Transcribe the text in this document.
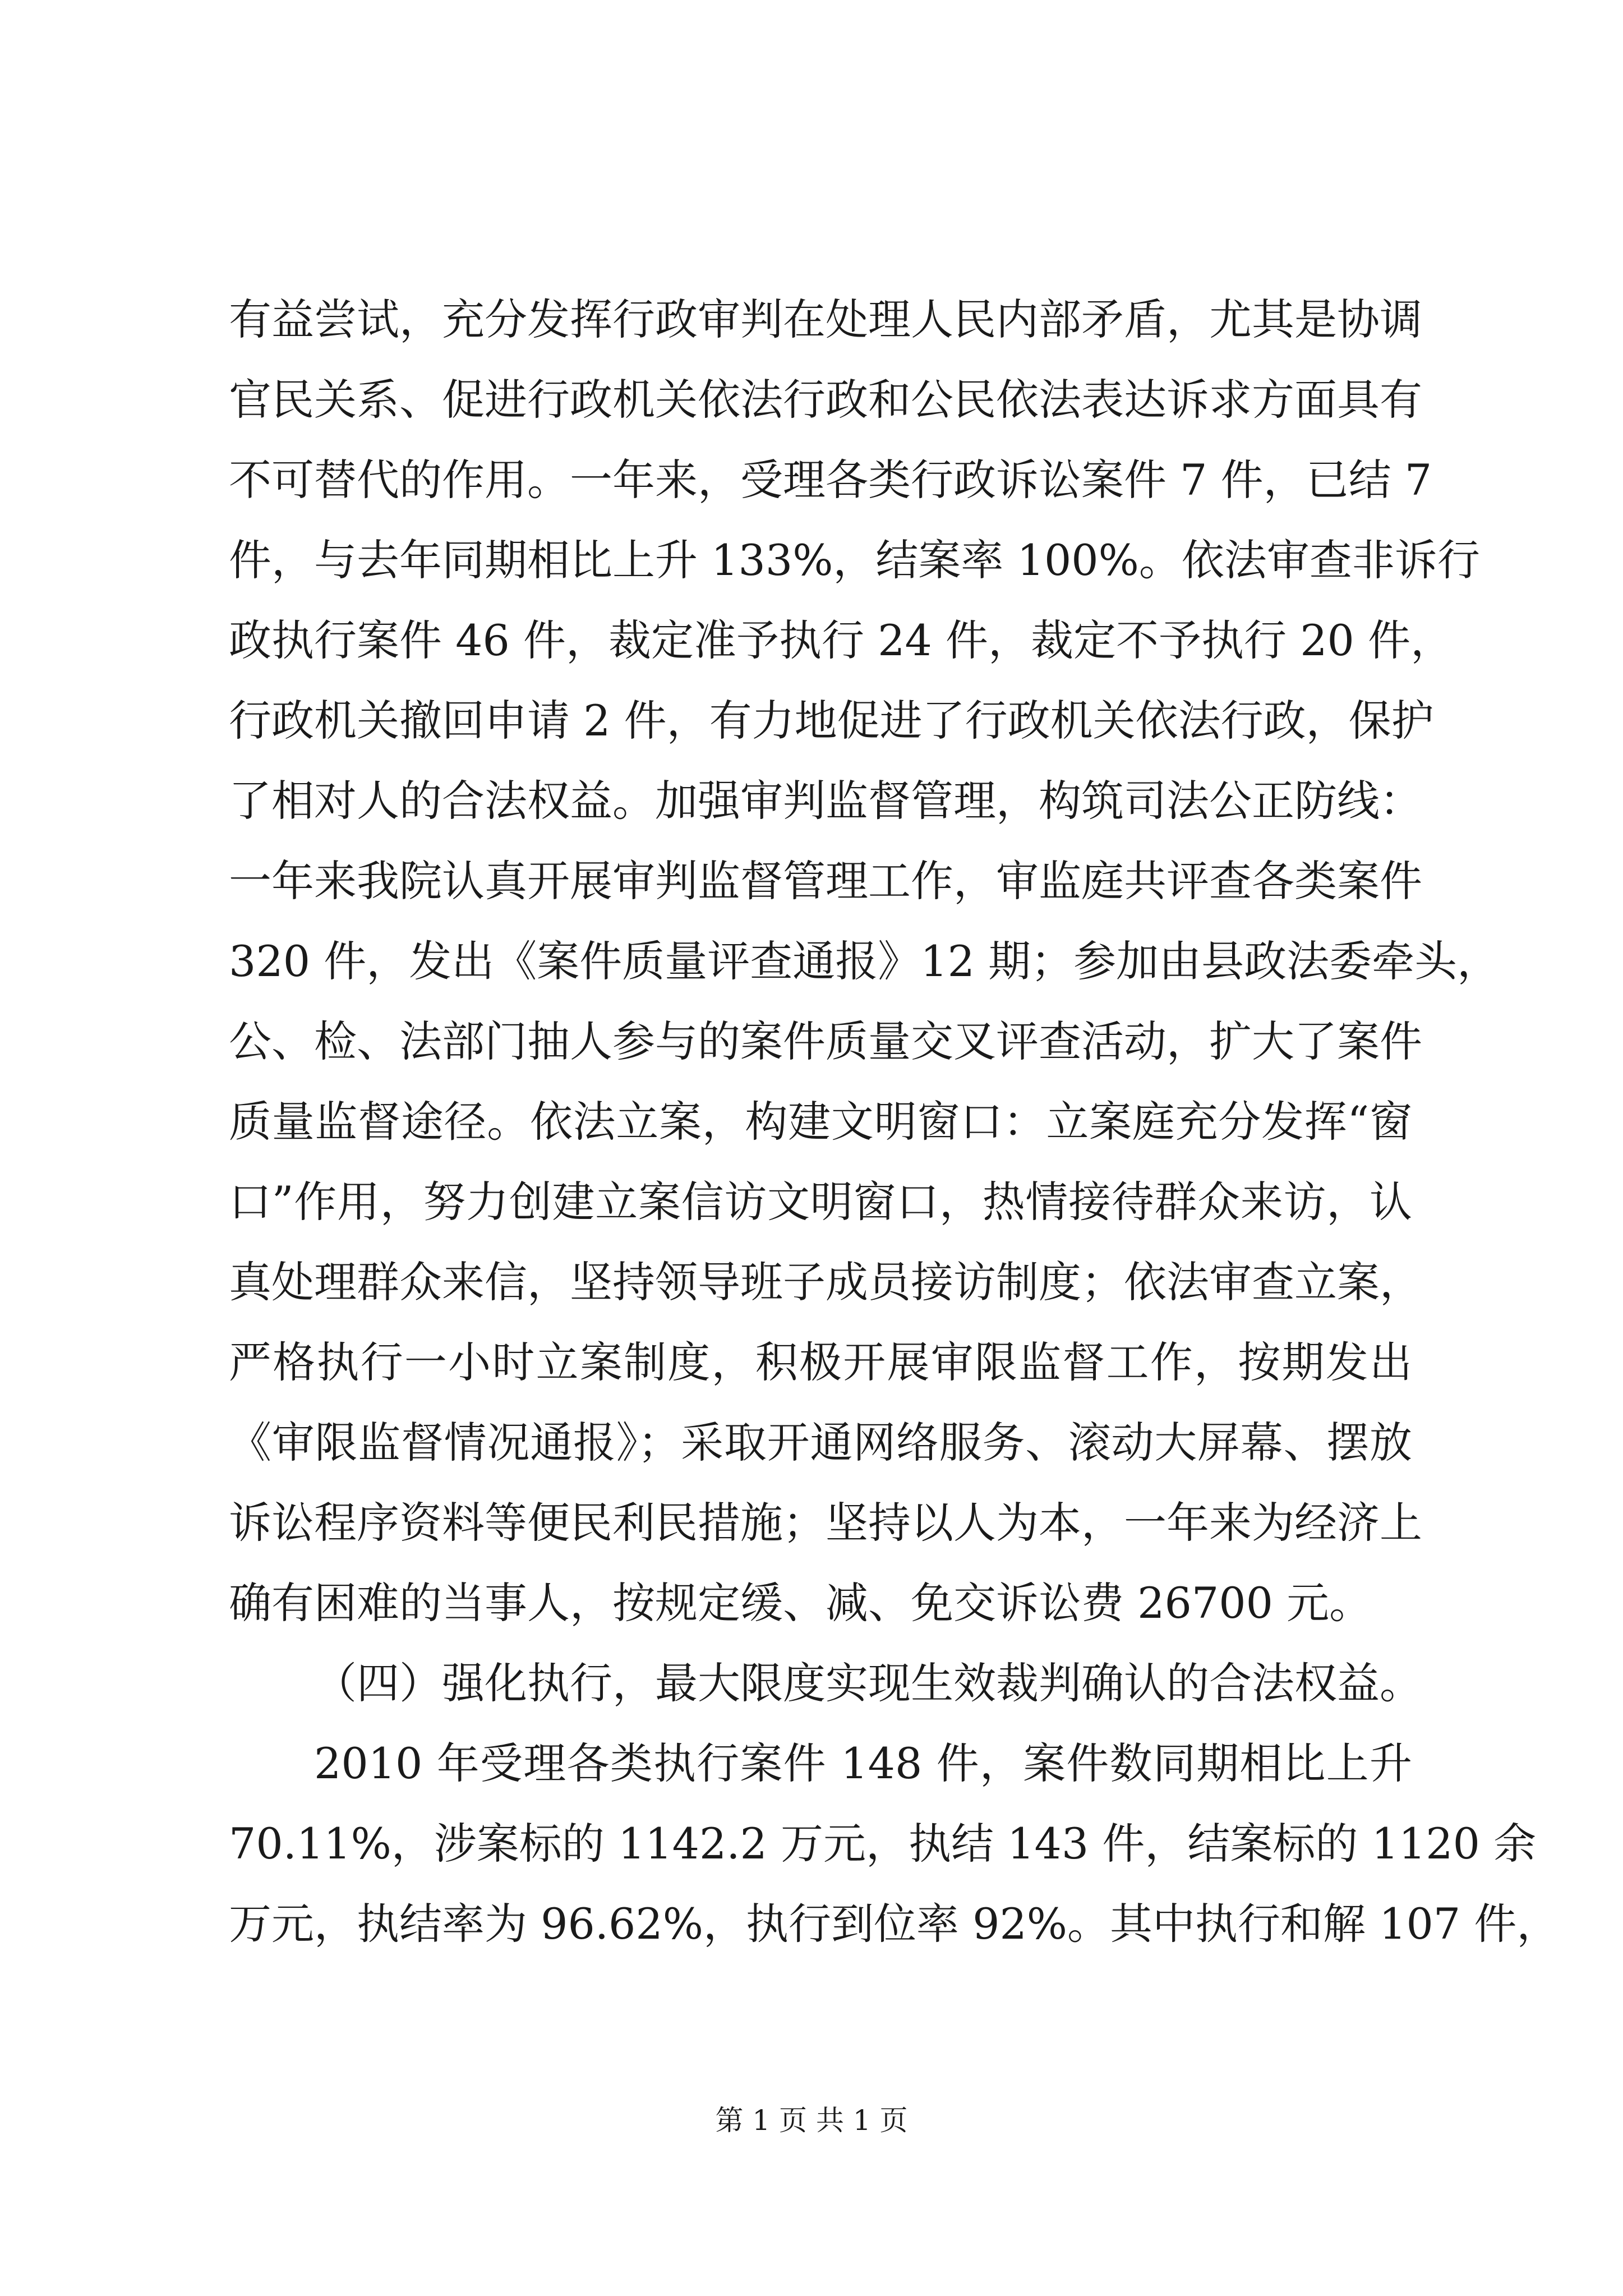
有益尝试，充分发挥行政审判在处理人民内部矛盾，尤其是协调
官民关系、促进行政机关依法行政和公民依法表达诉求方面具有
不可替代的作用。一年来，受理各类行政诉讼案件 7 件，已结 7
件，与去年同期相比上升 133%，结案率 100%。依法审查非诉行
政执行案件 46 件，裁定准予执行 24 件，裁定不予执行 20 件，
行政机关撤回申请 2 件，有力地促进了行政机关依法行政，保护
了相对人的合法权益。加强审判监督管理，构筑司法公正防线：
一年来我院认真开展审判监督管理工作，审监庭共评查各类案件
320 件，发出《案件质量评查通报》12 期；参加由县政法委牵头，
公、检、法部门抽人参与的案件质量交叉评查活动，扩大了案件
质量监督途径。依法立案，构建文明窗口：立案庭充分发挥“窗
口”作用，努力创建立案信访文明窗口，热情接待群众来访，认
真处理群众来信，坚持领导班子成员接访制度；依法审查立案，
严格执行一小时立案制度，积极开展审限监督工作，按期发出
《审限监督情况通报》；采取开通网络服务、滚动大屏幕、摆放
诉讼程序资料等便民利民措施；坚持以人为本，一年来为经济上
确有困难的当事人，按规定缓、减、免交诉讼费 26700 元。
（四）强化执行，最大限度实现生效裁判确认的合法权益。
2010 年受理各类执行案件 148 件，案件数同期相比上升
70.11%，涉案标的 1142.2 万元，执结 143 件，结案标的 1120 余
万元，执结率为 96.62%，执行到位率 92%。其中执行和解 107 件，
第 1 页 共 1 页
